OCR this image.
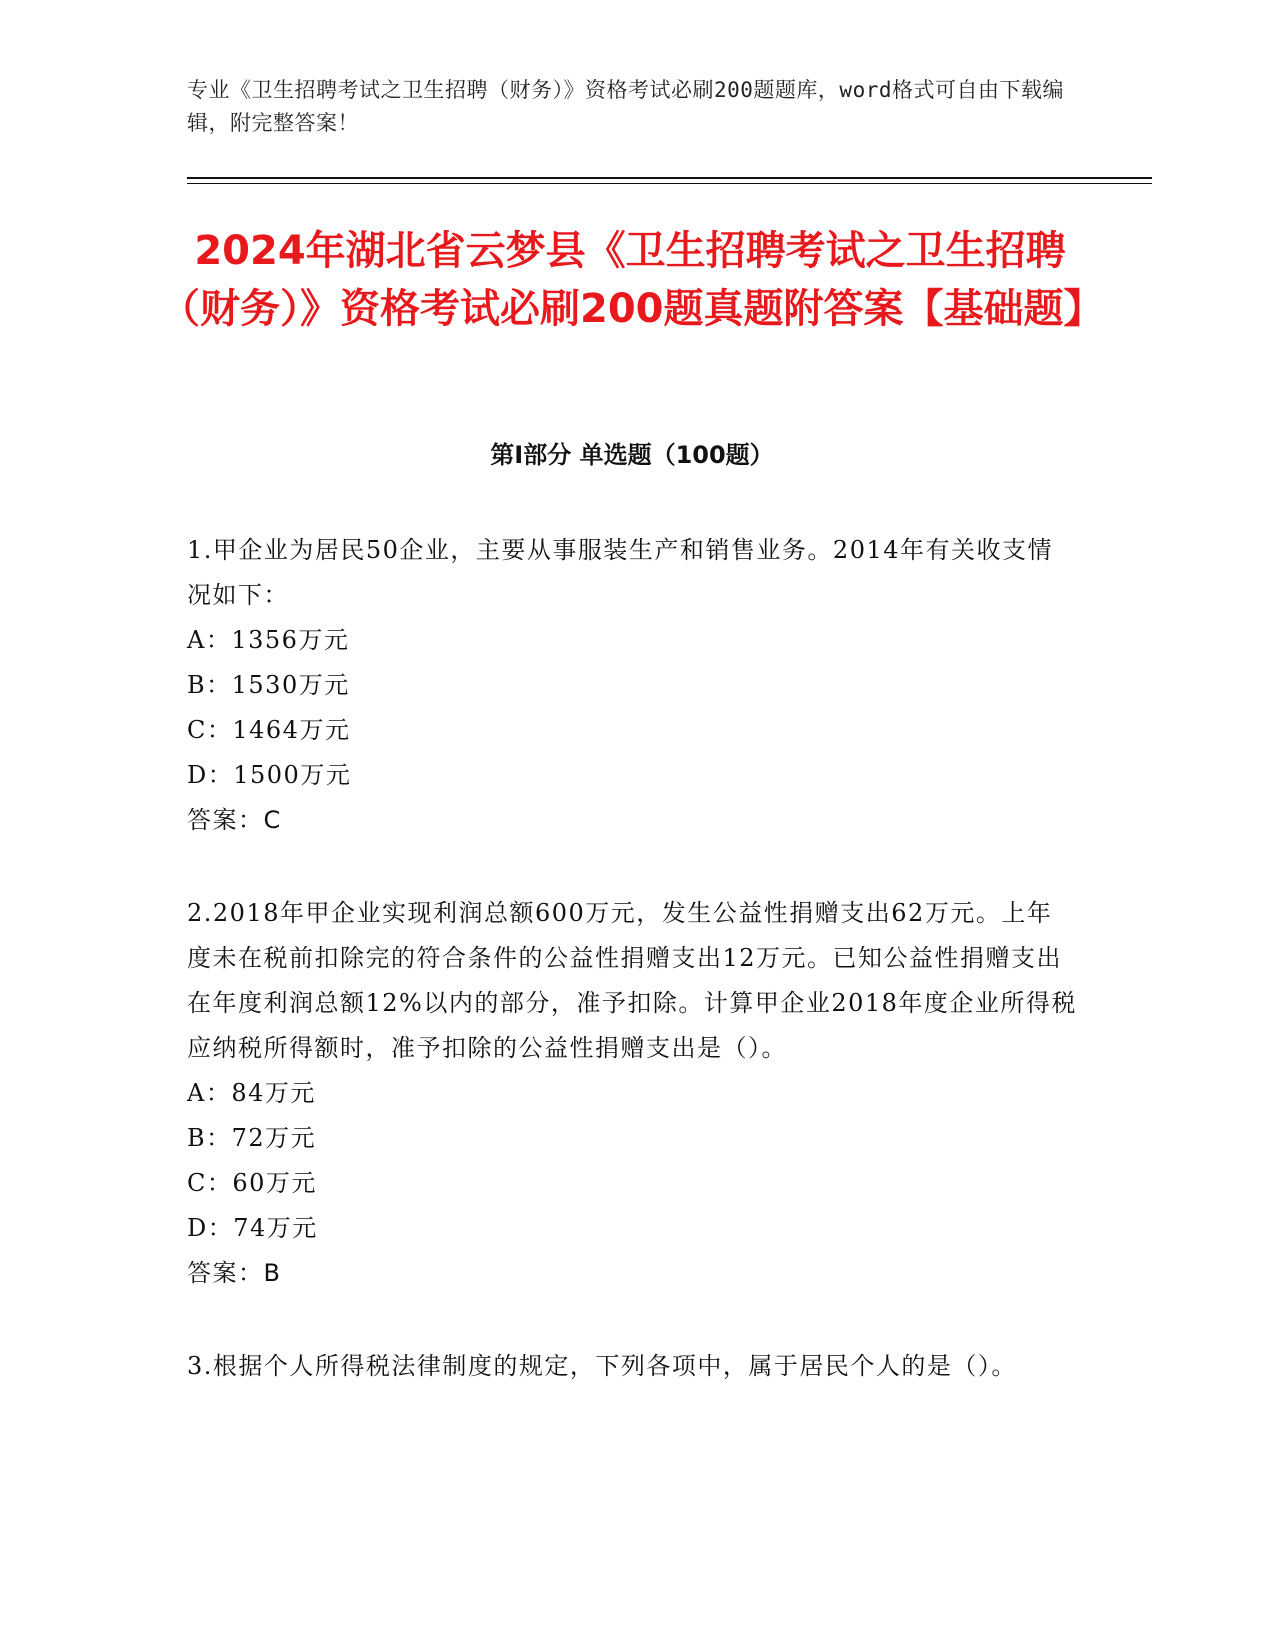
专业《卫生招聘考试之卫生招聘（财务）》资格考试必刷200题题库，word格式可自由下载编辑，附完整答案！
2024年湖北省云梦县《卫生招聘考试之卫生招聘（财务）》资格考试必刷200题真题附答案【基础题】
第Ⅰ部分 单选题（100题）

1.甲企业为居民50企业，主要从事服装生产和销售业务。2014年有关收支情况如下：

A：1356万元

B：1530万元

C：1464万元

D：1500万元

答案：C

2.2018年甲企业实现利润总额600万元，发生公益性捐赠支出62万元。上年度未在税前扣除完的符合条件的公益性捐赠支出12万元。已知公益性捐赠支出在年度利润总额12%以内的部分，准予扣除。计算甲企业2018年度企业所得税应纳税所得额时，准予扣除的公益性捐赠支出是（）。

A：84万元

B：72万元

C：60万元

D：74万元

答案：B

3.根据个人所得税法律制度的规定，下列各项中，属于居民个人的是（）。
